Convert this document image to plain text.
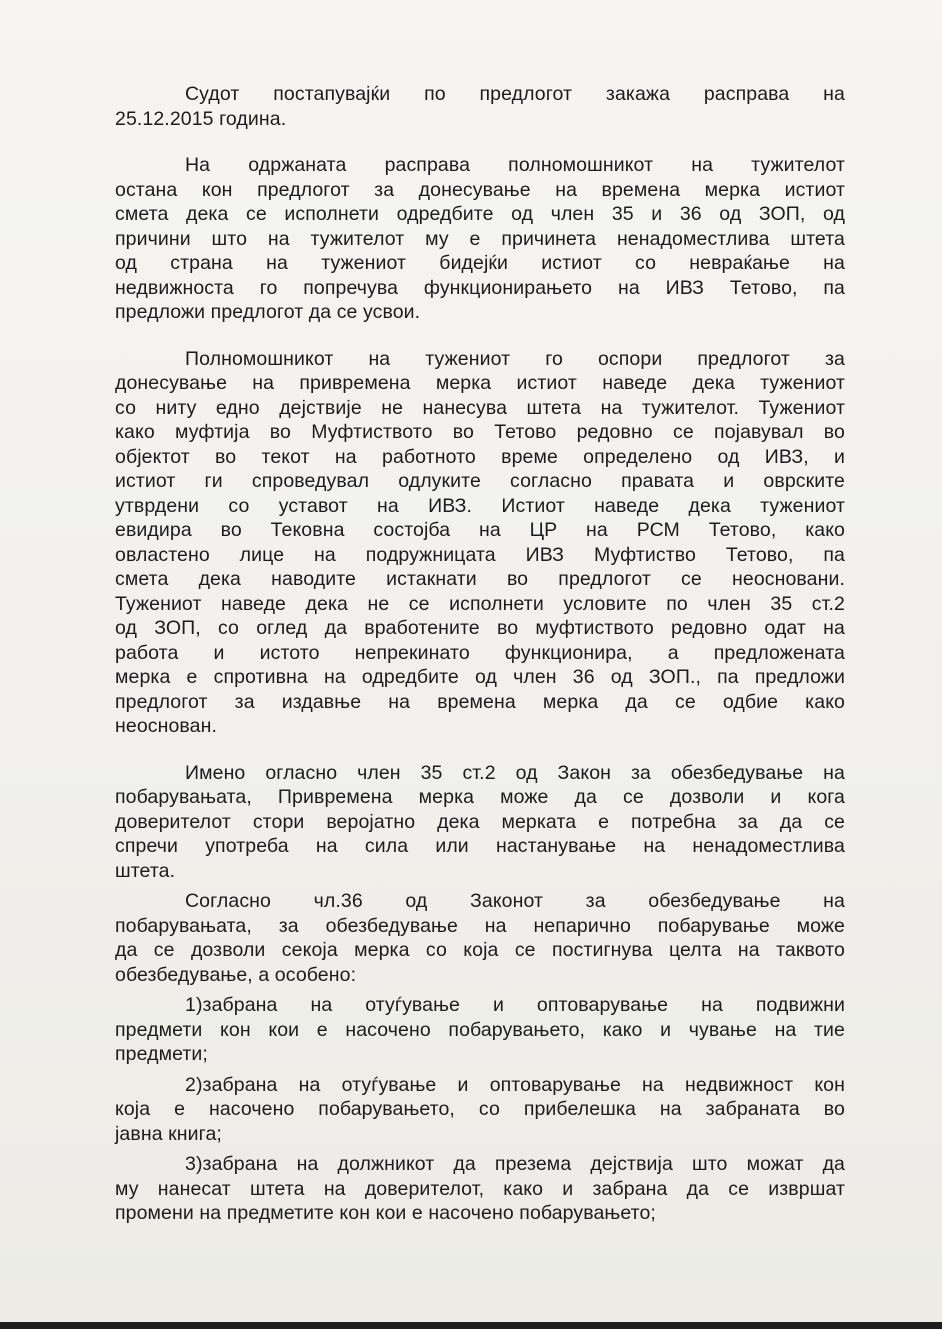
Судот постапувајќи по предлогот закажа расправа на
25.12.2015 година.
На одржаната расправа полномошникот на тужителот
остана кон предлогот за донесување на времена мерка истиот
смета дека се исполнети одредбите од член 35 и 36 од ЗОП, од
причини што на тужителот му е причинета ненадоместлива штета
од страна на тужениот бидејќи истиот со невраќање на
недвижноста го попречува функционирањето на ИВЗ Тетово, па
предложи предлогот да се усвои.
Полномошникот на тужениот го оспори предлогот за
донесување на привремена мерка истиот наведе дека тужениот
со ниту едно дејствије не нанесува штета на тужителот. Тужениот
како муфтија во Муфтиството во Тетово редовно се појавувал во
објектот во текот на работното време определено од ИВЗ, и
истиот ги спроведувал одлуките согласно правата и оврските
утврдени со уставот на ИВЗ. Истиот наведе дека тужениот
евидира во Тековна состојба на ЦР на РСМ Тетово, како
овластено лице на подружницата ИВЗ Муфтиство Тетово, па
смета дека наводите истакнати во предлогот се неосновани.
Тужениот наведе дека не се исполнети условите по член 35 ст.2
од ЗОП, со оглед да вработените во муфтиството редовно одат на
работа и истото непрекинато функционира, а предложената
мерка е спротивна на одредбите од член 36 од ЗОП., па предложи
предлогот за издавње на времена мерка да се одбие како
неоснован.
Имено огласно член 35 ст.2 од Закон за обезбедување на
побарувањата, Привремена мерка може да се дозволи и кога
доверителот стори веројатно дека мерката е потребна за да се
спречи употреба на сила или настанување на ненадоместлива
штета.
Согласно чл.36 од Законот за обезбедување на
побарувањата, за обезбедување на непарично побарување може
да се дозволи секоја мерка со која се постигнува целта на таквото
обезбедување, а особено:
1)забрана на отуѓување и оптоварување на подвижни
предмети кон кои е насочено побарувањето, како и чување на тие
предмети;
2)забрана на отуѓување и оптоварување на недвижност кон
која е насочено побарувањето, со прибелешка на забраната во
јавна книга;
3)забрана на должникот да презема дејствија што можат да
му нанесат штета на доверителот, како и забрана да се извршат
промени на предметите кон кои е насочено побарувањето;
